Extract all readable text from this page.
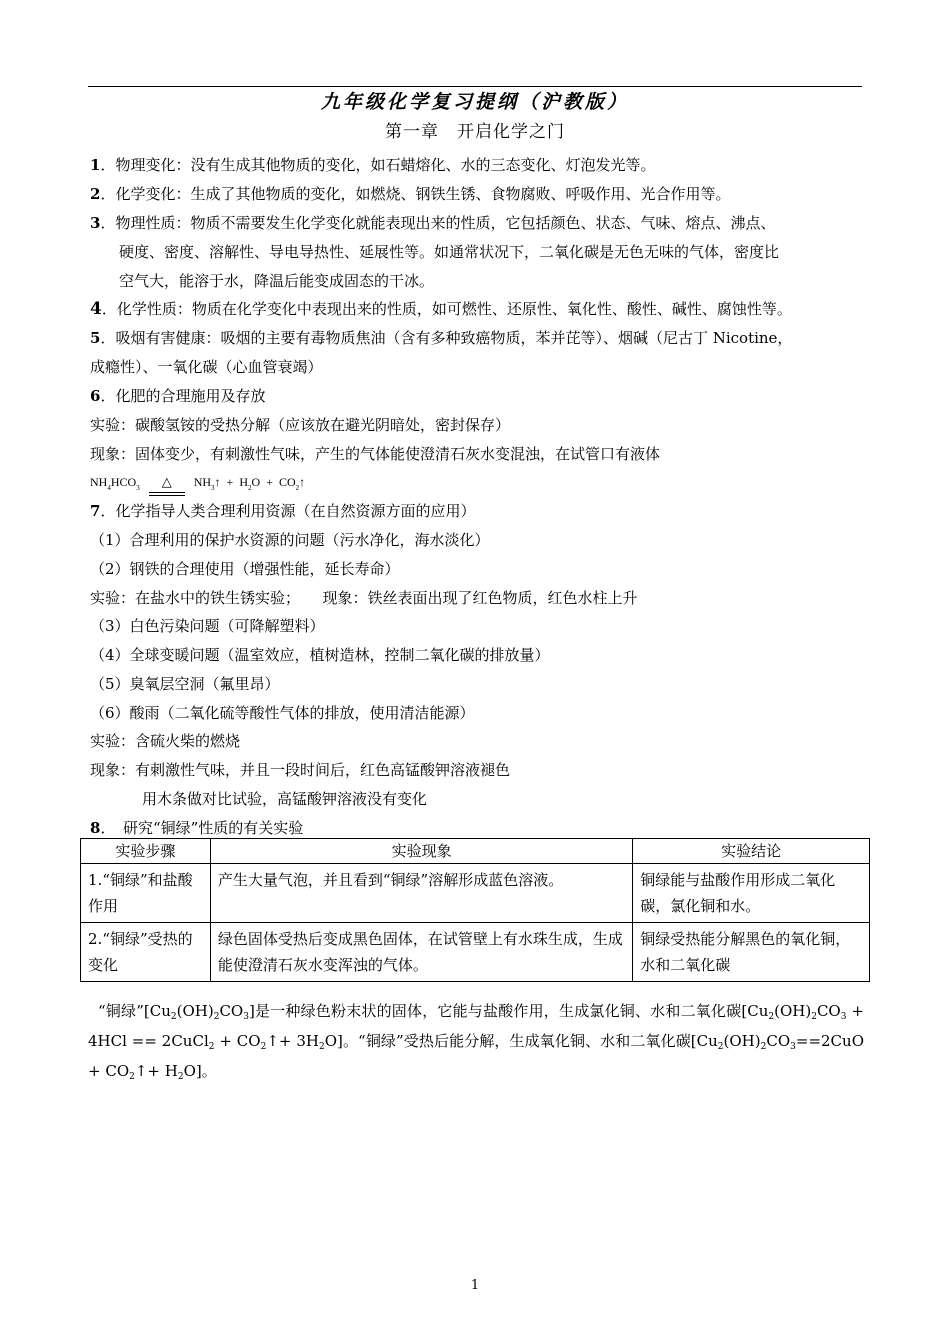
九年级化学复习提纲（沪教版）
第一章　开启化学之门
1．物理变化：没有生成其他物质的变化，如石蜡熔化、水的三态变化、灯泡发光等。
2．化学变化：生成了其他物质的变化，如燃烧、钢铁生锈、食物腐败、呼吸作用、光合作用等。
3．物理性质：物质不需要发生化学变化就能表现出来的性质，它包括颜色、状态、气味、熔点、沸点、
硬度、密度、溶解性、导电导热性、延展性等。如通常状况下，二氧化碳是无色无味的气体，密度比
空气大，能溶于水，降温后能变成固态的干冰。
4．化学性质：物质在化学变化中表现出来的性质，如可燃性、还原性、氧化性、酸性、碱性、腐蚀性等。
5．吸烟有害健康：吸烟的主要有毒物质焦油（含有多种致癌物质，苯并芘等）、烟碱（尼古丁 Nicotine，
成瘾性）、一氧化碳（心血管衰竭）
6．化肥的合理施用及存放
实验：碳酸氢铵的受热分解（应该放在避光阴暗处，密封保存）
现象：固体变少，有刺激性气味，产生的气体能使澄清石灰水变混浊，在试管口有液体
$NH_4HCO_3$ △ $NH_3↑ + H_2O$ + $CO_2↑$
7．化学指导人类合理利用资源（在自然资源方面的应用）
（1）合理利用的保护水资源的问题（污水净化，海水淡化）
（2）钢铁的合理使用（增强性能，延长寿命）
实验：在盐水中的铁生锈实验；　　现象：铁丝表面出现了红色物质，红色水柱上升
（3）白色污染问题（可降解塑料）
（4）全球变暖问题（温室效应，植树造林，控制二氧化碳的排放量）
（5）臭氧层空洞（氟里昂）
（6）酸雨（二氧化硫等酸性气体的排放，使用清洁能源）
实验：含硫火柴的燃烧
现象：有刺激性气味，并且一段时间后，红色高锰酸钾溶液褪色
用木条做对比试验，高锰酸钾溶液没有变化
8．　研究“铜绿”性质的有关实验
实验步骤	实验现象	实验结论
1.“铜绿”和盐酸作用	产生大量气泡，并且看到“铜绿”溶解形成蓝色溶液。	铜绿能与盐酸作用形成二氧化碳，氯化铜和水。
2.“铜绿”受热的变化	绿色固体受热后变成黑色固体，在试管壁上有水珠生成，生成能使澄清石灰水变浑浊的气体。	铜绿受热能分解黑色的氧化铜，水和二氧化碳
“铜绿$”[Cu_2(OH)_2CO_3]$是一种绿色粉末状的固体，它能与盐酸作用，生成氯化铜、水和二氧化碳[$Cu_2(OH)_2CO_3 + 4HCl$ == 2CuCl$_2$ + $CO_2↑+ 3H_2O$]。“铜绿”受热后能分解，生成氧化铜、水和二氧化碳[$Cu_2(OH)_2CO_3==2CuO$ + $CO_2↑+ H_2O$]。
1
